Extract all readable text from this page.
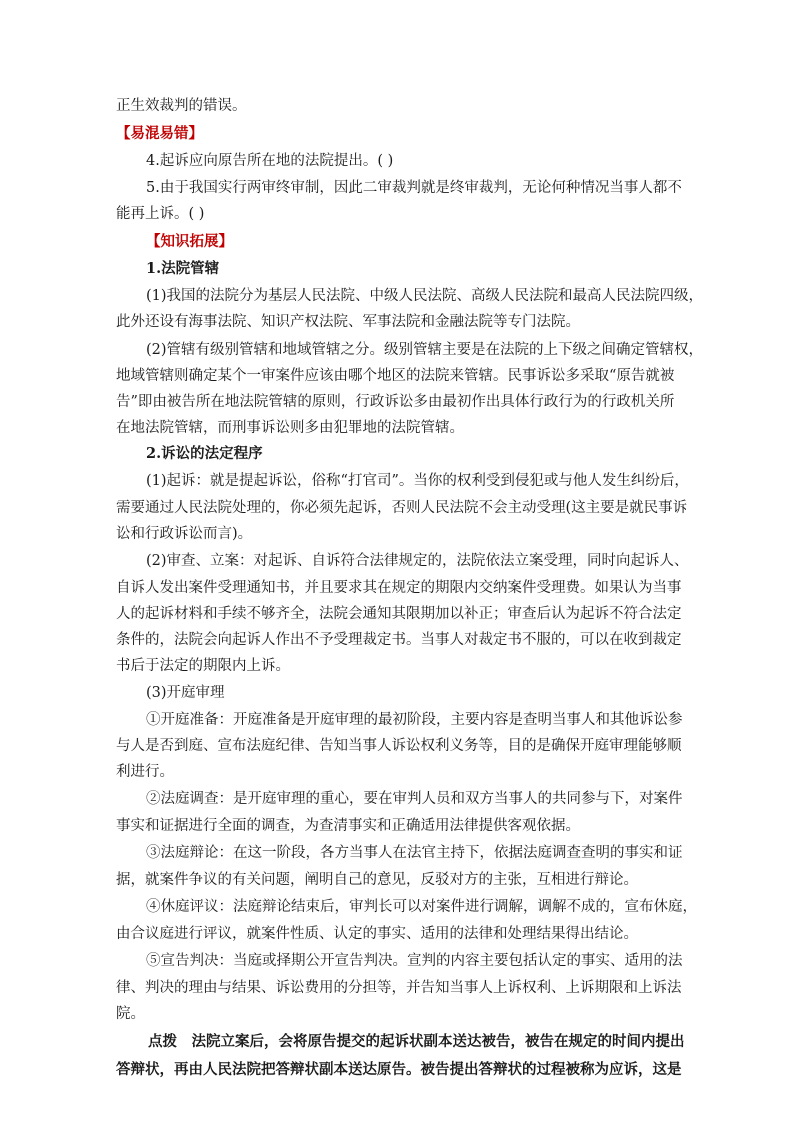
正生效裁判的错误。
【易混易错】
4.起诉应向原告所在地的法院提出。( )
5.由于我国实行两审终审制，因此二审裁判就是终审裁判，无论何种情况当事人都不
能再上诉。( )
【知识拓展】
1.法院管辖
(1)我国的法院分为基层人民法院、中级人民法院、高级人民法院和最高人民法院四级，
此外还设有海事法院、知识产权法院、军事法院和金融法院等专门法院。
(2)管辖有级别管辖和地域管辖之分。级别管辖主要是在法院的上下级之间确定管辖权，
地域管辖则确定某个一审案件应该由哪个地区的法院来管辖。民事诉讼多采取“原告就被
告”即由被告所在地法院管辖的原则，行政诉讼多由最初作出具体行政行为的行政机关所
在地法院管辖，而刑事诉讼则多由犯罪地的法院管辖。
2.诉讼的法定程序
(1)起诉：就是提起诉讼，俗称“打官司”。当你的权利受到侵犯或与他人发生纠纷后，
需要通过人民法院处理的，你必须先起诉，否则人民法院不会主动受理(这主要是就民事诉
讼和行政诉讼而言)。
(2)审查、立案：对起诉、自诉符合法律规定的，法院依法立案受理，同时向起诉人、
自诉人发出案件受理通知书，并且要求其在规定的期限内交纳案件受理费。如果认为当事
人的起诉材料和手续不够齐全，法院会通知其限期加以补正；审查后认为起诉不符合法定
条件的，法院会向起诉人作出不予受理裁定书。当事人对裁定书不服的，可以在收到裁定
书后于法定的期限内上诉。
(3)开庭审理
①开庭准备：开庭准备是开庭审理的最初阶段，主要内容是查明当事人和其他诉讼参
与人是否到庭、宣布法庭纪律、告知当事人诉讼权利义务等，目的是确保开庭审理能够顺
利进行。
②法庭调查：是开庭审理的重心，要在审判人员和双方当事人的共同参与下，对案件
事实和证据进行全面的调查，为查清事实和正确适用法律提供客观依据。
③法庭辩论：在这一阶段，各方当事人在法官主持下，依据法庭调查查明的事实和证
据，就案件争议的有关问题，阐明自己的意见，反驳对方的主张，互相进行辩论。
④休庭评议：法庭辩论结束后，审判长可以对案件进行调解，调解不成的，宣布休庭，
由合议庭进行评议，就案件性质、认定的事实、适用的法律和处理结果得出结论。
⑤宣告判决：当庭或择期公开宣告判决。宣判的内容主要包括认定的事实、适用的法
律、判决的理由与结果、诉讼费用的分担等，并告知当事人上诉权利、上诉期限和上诉法
院。
点拨　法院立案后，会将原告提交的起诉状副本送达被告，被告在规定的时间内提出
答辩状，再由人民法院把答辩状副本送达原告。被告提出答辩状的过程被称为应诉，这是
